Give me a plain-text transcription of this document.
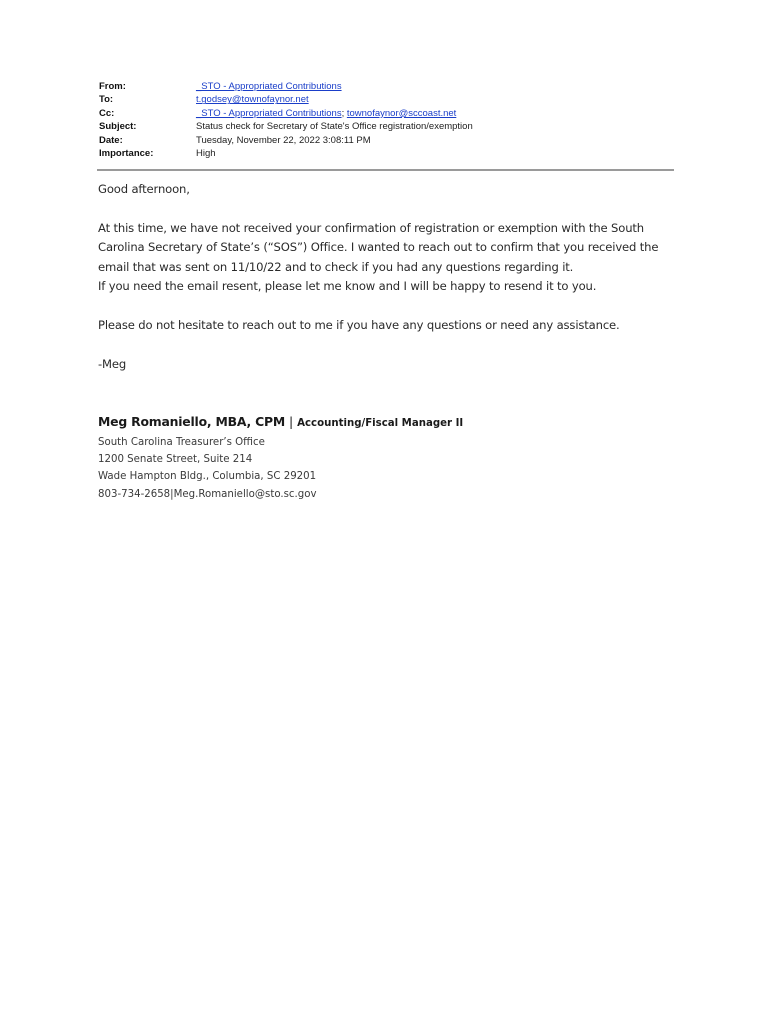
From:	_STO - Appropriated Contributions
To:	t.godsey@townofaynor.net
Cc:	_STO - Appropriated Contributions; townofaynor@sccoast.net
Subject:	Status check for Secretary of State's Office registration/exemption
Date:	Tuesday, November 22, 2022 3:08:11 PM
Importance:	High

Good afternoon,

At this time, we have not received your confirmation of registration or exemption with the South Carolina Secretary of State’s (“SOS”) Office. I wanted to reach out to confirm that you received the email that was sent on 11/10/22 and to check if you had any questions regarding it.

If you need the email resent, please let me know and I will be happy to resend it to you.

Please do not hesitate to reach out to me if you have any questions or need any assistance.

-Meg

Meg Romaniello, MBA, CPM | Accounting/Fiscal Manager II
South Carolina Treasurer’s Office
1200 Senate Street, Suite 214
Wade Hampton Bldg., Columbia, SC 29201
803-734-2658|Meg.Romaniello@sto.sc.gov
